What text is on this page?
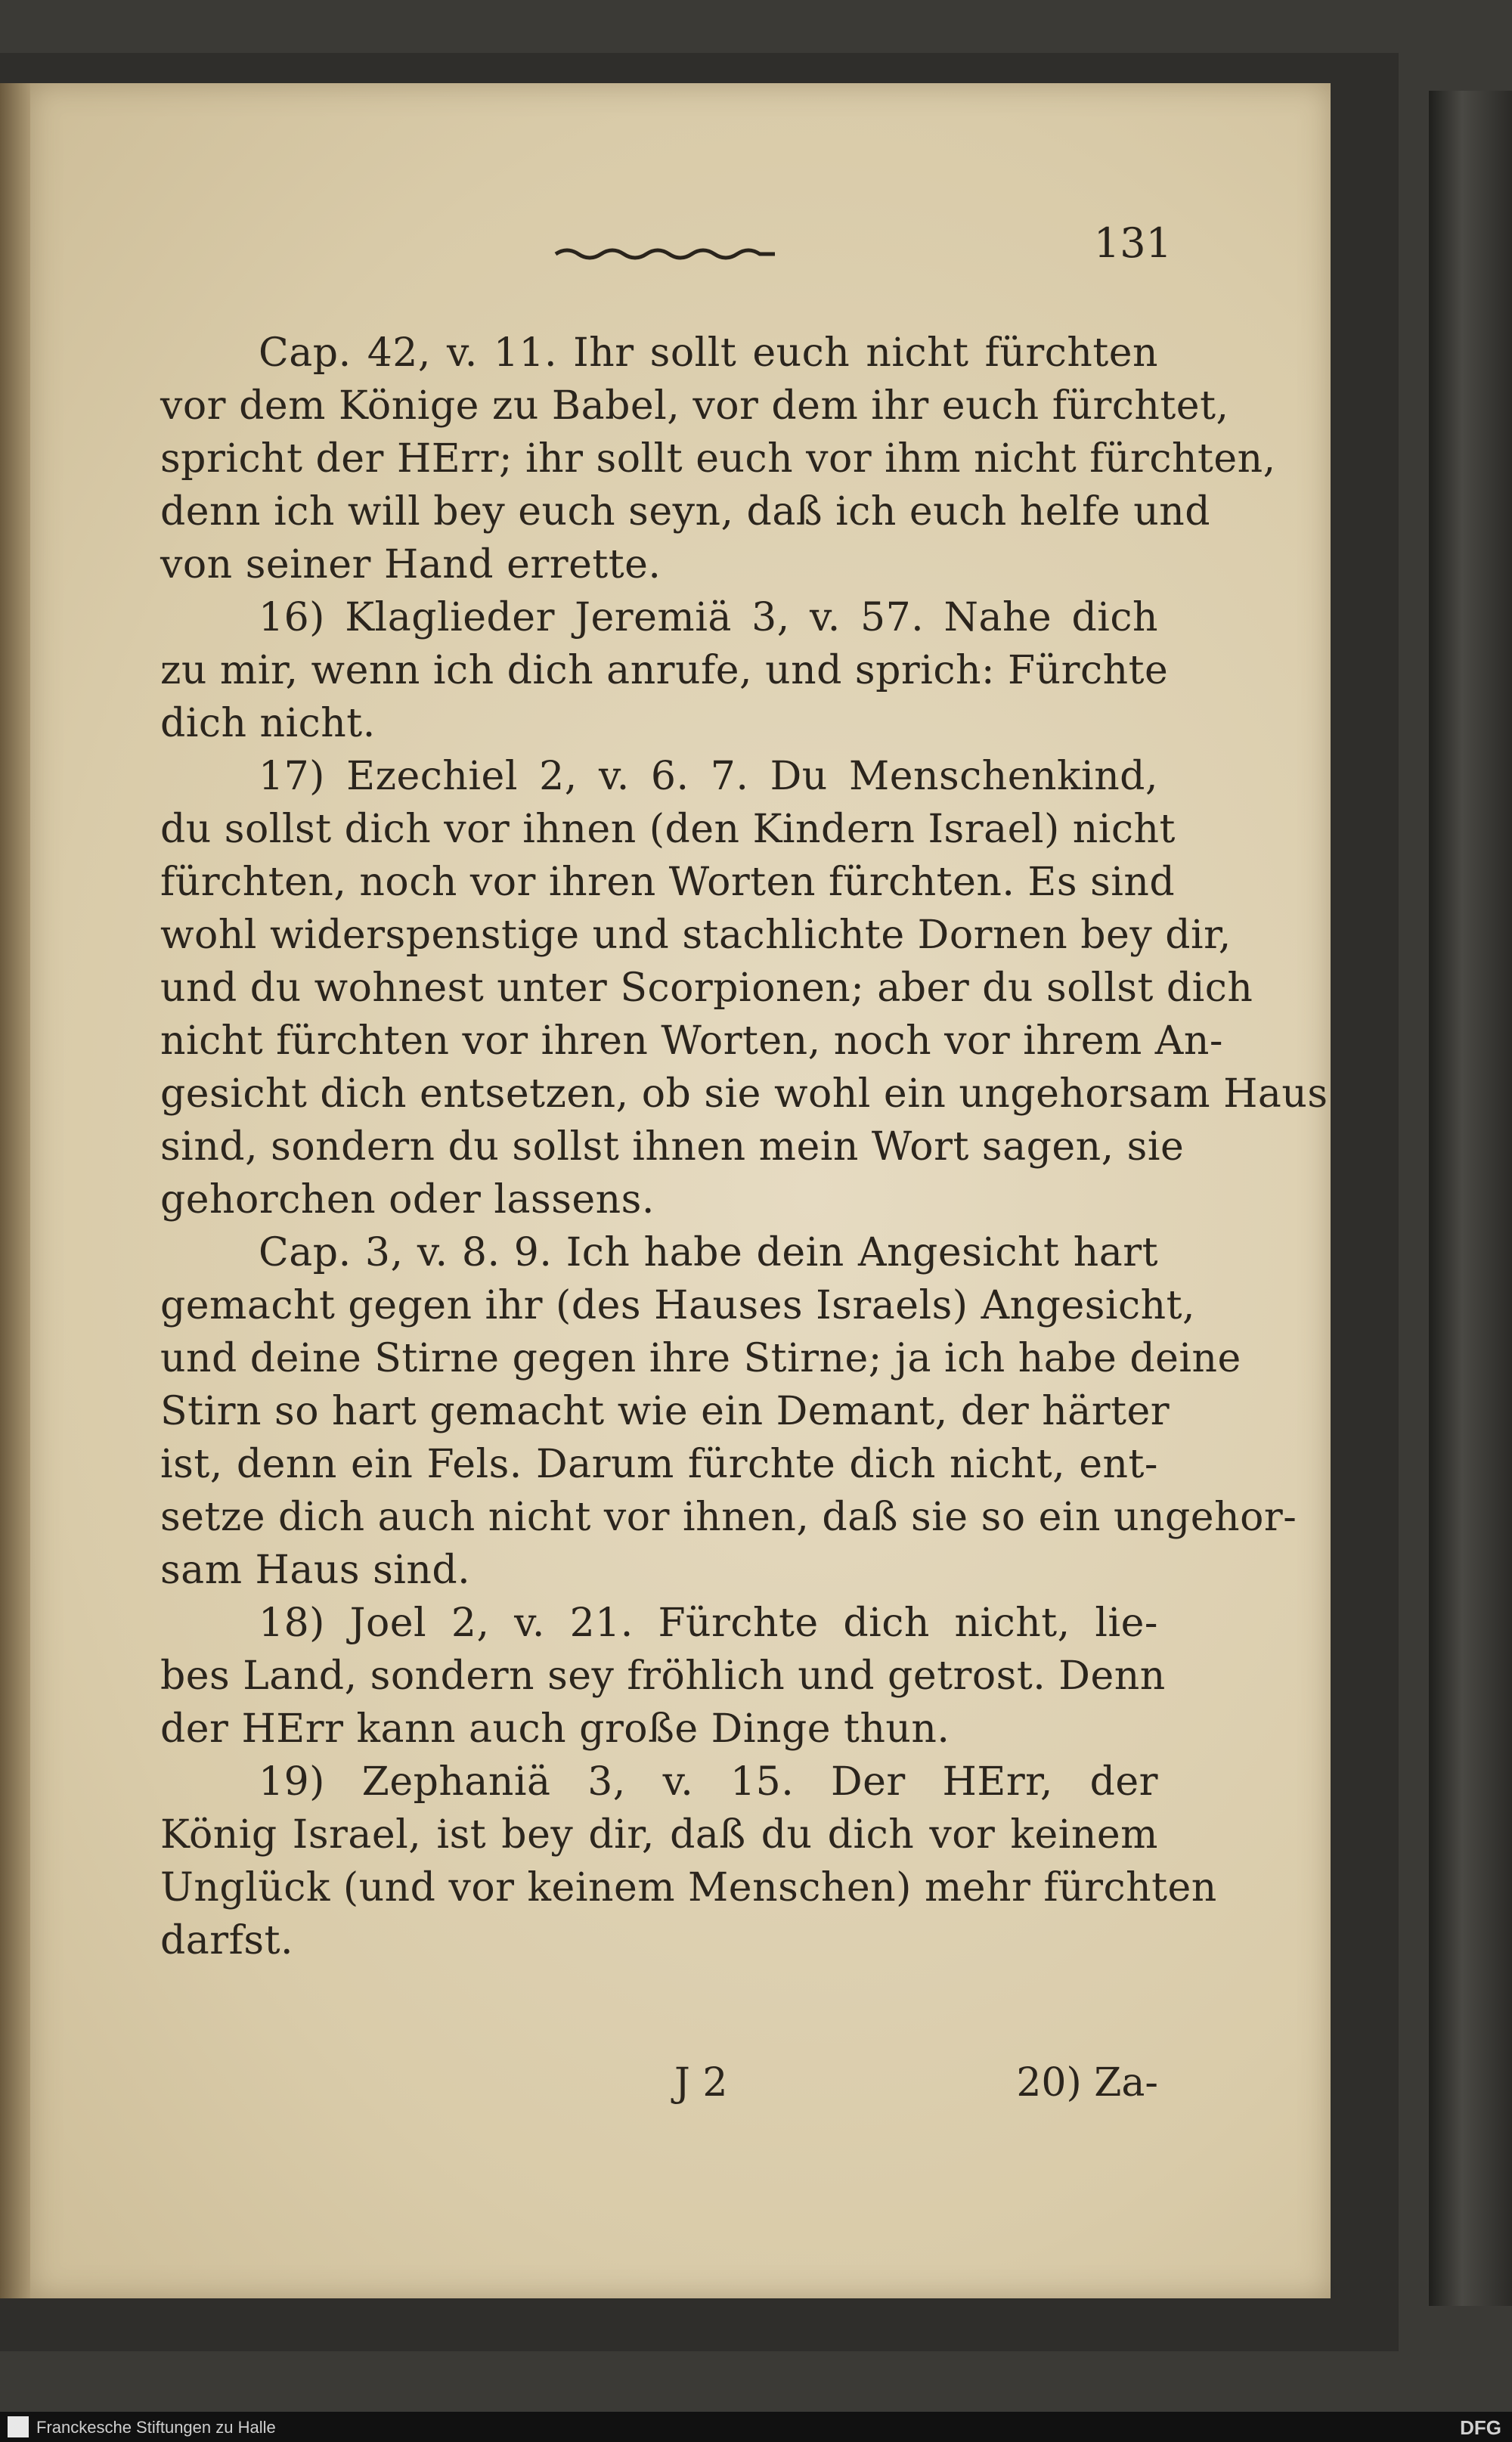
131
Cap. 42, v. 11. Ihr sollt euch nicht fürchten
vor dem Könige zu Babel, vor dem ihr euch fürchtet,
spricht der HErr; ihr sollt euch vor ihm nicht fürchten,
denn ich will bey euch seyn, daß ich euch helfe und
von seiner Hand errette.
16) Klaglieder Jeremiä 3, v. 57. Nahe dich
zu mir, wenn ich dich anrufe, und sprich: Fürchte
dich nicht.
17) Ezechiel 2, v. 6. 7. Du Menschenkind,
du sollst dich vor ihnen (den Kindern Israel) nicht
fürchten, noch vor ihren Worten fürchten. Es sind
wohl widerspenstige und stachlichte Dornen bey dir,
und du wohnest unter Scorpionen; aber du sollst dich
nicht fürchten vor ihren Worten, noch vor ihrem An-
gesicht dich entsetzen, ob sie wohl ein ungehorsam Haus
sind, sondern du sollst ihnen mein Wort sagen, sie
gehorchen oder lassens.
Cap. 3, v. 8. 9. Ich habe dein Angesicht hart
gemacht gegen ihr (des Hauses Israels) Angesicht,
und deine Stirne gegen ihre Stirne; ja ich habe deine
Stirn so hart gemacht wie ein Demant, der härter
ist, denn ein Fels. Darum fürchte dich nicht, ent-
setze dich auch nicht vor ihnen, daß sie so ein ungehor-
sam Haus sind.
18) Joel 2, v. 21. Fürchte dich nicht, lie-
bes Land, sondern sey fröhlich und getrost. Denn
der HErr kann auch große Dinge thun.
19) Zephaniä 3, v. 15. Der HErr, der
König Israel, ist bey dir, daß du dich vor keinem
Unglück (und vor keinem Menschen) mehr fürchten
darfst.
J 2	20) Za-
Franckesche Stiftungen zu Halle	DFG
